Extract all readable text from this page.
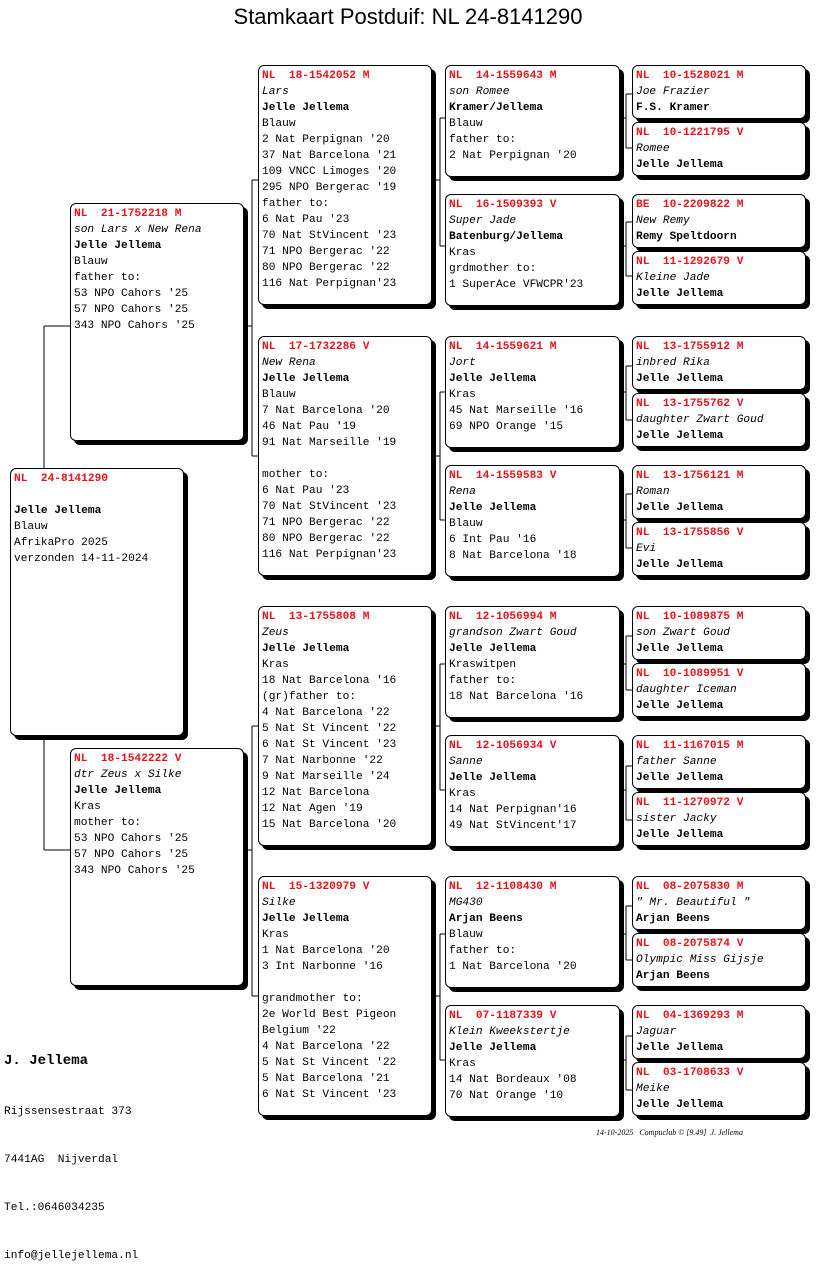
Stamkaart Postduif: NL 24-8141290
NL  24-8141290
Jelle Jellema
Blauw
AfrikaPro 2025
verzonden 14-11-2024
NL  21-1752218 M
son Lars x New Rena
Jelle Jellema
Blauw
father to:
53 NPO Cahors '25
57 NPO Cahors '25
343 NPO Cahors '25
NL  18-1542222 V
dtr Zeus x Silke
Jelle Jellema
Kras
mother to:
53 NPO Cahors '25
57 NPO Cahors '25
343 NPO Cahors '25
NL  18-1542052 M
Lars
Jelle Jellema
Blauw
2 Nat Perpignan '20
37 Nat Barcelona '21
109 VNCC Limoges '20
295 NPO Bergerac '19
father to:
6 Nat Pau '23
70 Nat StVincent '23
71 NPO Bergerac '22
80 NPO Bergerac '22
116 Nat Perpignan'23
NL  17-1732286 V
New Rena
Jelle Jellema
Blauw
7 Nat Barcelona '20
46 Nat Pau '19
91 Nat Marseille '19
mother to:
6 Nat Pau '23
70 Nat StVincent '23
71 NPO Bergerac '22
80 NPO Bergerac '22
116 Nat Perpignan'23
NL  13-1755808 M
Zeus
Jelle Jellema
Kras
18 Nat Barcelona '16
(gr)father to:
4 Nat Barcelona '22
5 Nat St Vincent '22
6 Nat St Vincent '23
7 Nat Narbonne '22
9 Nat Marseille '24
12 Nat Barcelona
12 Nat Agen '19
15 Nat Barcelona '20
NL  15-1320979 V
Silke
Jelle Jellema
Kras
1 Nat Barcelona '20
3 Int Narbonne '16
grandmother to:
2e World Best Pigeon
Belgium '22
4 Nat Barcelona '22
5 Nat St Vincent '22
5 Nat Barcelona '21
6 Nat St Vincent '23
NL  14-1559643 M
son Romee
Kramer/Jellema
Blauw
father to:
2 Nat Perpignan '20
NL  16-1509393 V
Super Jade
Batenburg/Jellema
Kras
grdmother to:
1 SuperAce VFWCPR'23
NL  14-1559621 M
Jort
Jelle Jellema
Kras
45 Nat Marseille '16
69 NPO Orange '15
NL  14-1559583 V
Rena
Jelle Jellema
Blauw
6 Int Pau '16
8 Nat Barcelona '18
NL  12-1056994 M
grandson Zwart Goud
Jelle Jellema
Kraswitpen
father to:
18 Nat Barcelona '16
NL  12-1056934 V
Sanne
Jelle Jellema
Kras
14 Nat Perpignan'16
49 Nat StVincent'17
NL  12-1108430 M
MG430
Arjan Beens
Blauw
father to:
1 Nat Barcelona '20
NL  07-1187339 V
Klein Kweekstertje
Jelle Jellema
Kras
14 Nat Bordeaux '08
70 Nat Orange '10
NL  10-1528021 M
Joe Frazier
F.S. Kramer
NL  10-1221795 V
Romee
Jelle Jellema
BE  10-2209822 M
New Remy
Remy Speltdoorn
NL  11-1292679 V
Kleine Jade
Jelle Jellema
NL  13-1755912 M
inbred Rika
Jelle Jellema
NL  13-1755762 V
daughter Zwart Goud
Jelle Jellema
NL  13-1756121 M
Roman
Jelle Jellema
NL  13-1755856 V
Evi
Jelle Jellema
NL  10-1089875 M
son Zwart Goud
Jelle Jellema
NL  10-1089951 V
daughter Iceman
Jelle Jellema
NL  11-1167015 M
father Sanne
Jelle Jellema
NL  11-1270972 V
sister Jacky
Jelle Jellema
NL  08-2075830 M
" Mr. Beautiful "
Arjan Beens
NL  08-2075874 V
Olympic Miss Gijsje
Arjan Beens
NL  04-1369293 M
Jaguar
Jelle Jellema
NL  03-1708633 V
Meike
Jelle Jellema

J. Jellema

Rijssensestraat 373

7441AG  Nijverdal

Tel.:0646034235

info@jellejellema.nl

14-10-2025   Compuclub © [9.49]  J. Jellema
